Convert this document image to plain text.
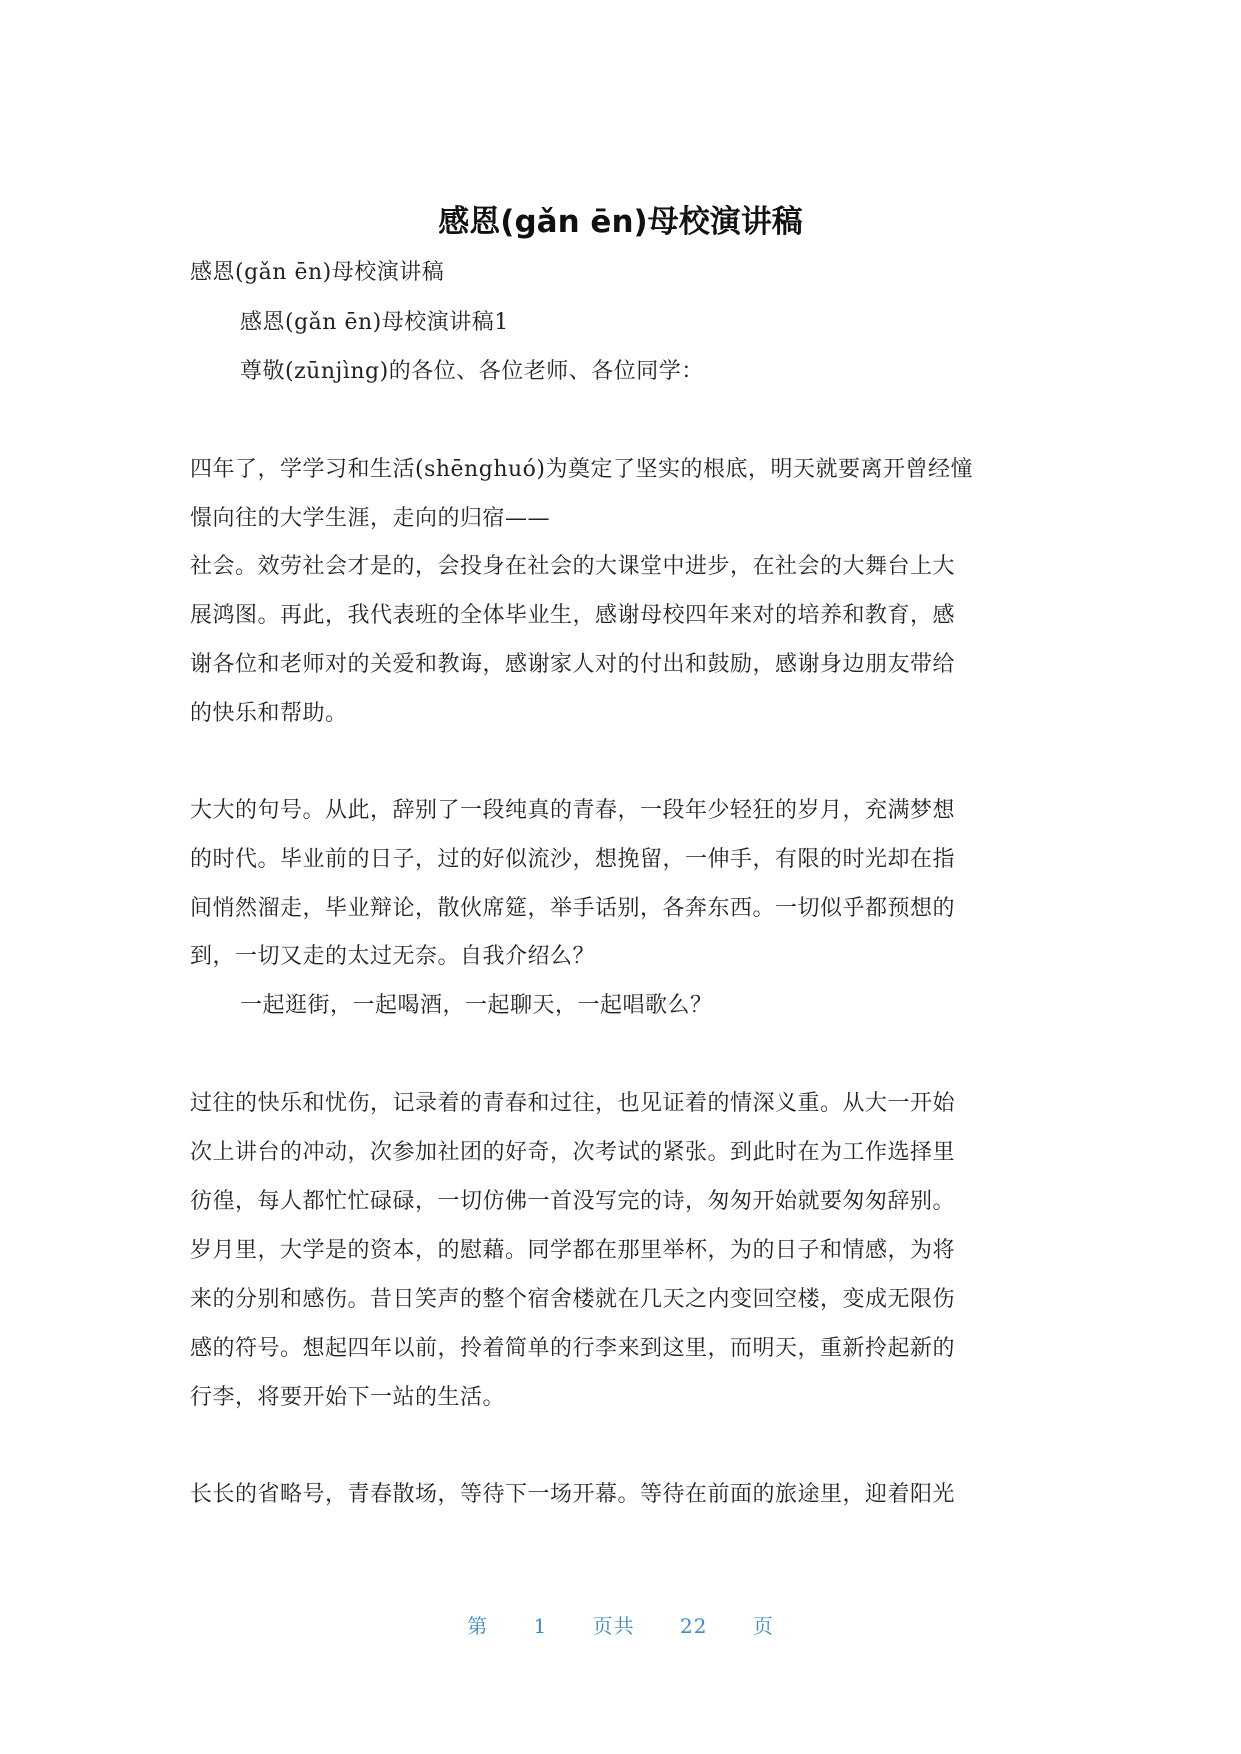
感恩(gǎn ēn)母校演讲稿
感恩(gǎn ēn)母校演讲稿
感恩(gǎn ēn)母校演讲稿1
尊敬(zūnjìng)的各位、各位老师、各位同学：
四年了，学学习和生活(shēnghuó)为奠定了坚实的根底，明天就要离开曾经憧
憬向往的大学生涯，走向的归宿——
社会。效劳社会才是的，会投身在社会的大课堂中进步，在社会的大舞台上大
展鸿图。再此，我代表班的全体毕业生，感谢母校四年来对的培养和教育，感
谢各位和老师对的关爱和教诲，感谢家人对的付出和鼓励，感谢身边朋友带给
的快乐和帮助。
大大的句号。从此，辞别了一段纯真的青春，一段年少轻狂的岁月，充满梦想
的时代。毕业前的日子，过的好似流沙，想挽留，一伸手，有限的时光却在指
间悄然溜走，毕业辩论，散伙席筵，举手话别，各奔东西。一切似乎都预想的
到，一切又走的太过无奈。自我介绍么？
一起逛街，一起喝酒，一起聊天，一起唱歌么？
过往的快乐和忧伤，记录着的青春和过往，也见证着的情深义重。从大一开始
次上讲台的冲动，次参加社团的好奇，次考试的紧张。到此时在为工作选择里
彷徨，每人都忙忙碌碌，一切仿佛一首没写完的诗，匆匆开始就要匆匆辞别。
岁月里，大学是的资本，的慰藉。同学都在那里举杯，为的日子和情感，为将
来的分别和感伤。昔日笑声的整个宿舍楼就在几天之内变回空楼，变成无限伤
感的符号。想起四年以前，拎着简单的行李来到这里，而明天，重新拎起新的
行李，将要开始下一站的生活。
长长的省略号，青春散场，等待下一场开幕。等待在前面的旅途里，迎着阳光
第 1 页共 22 页
